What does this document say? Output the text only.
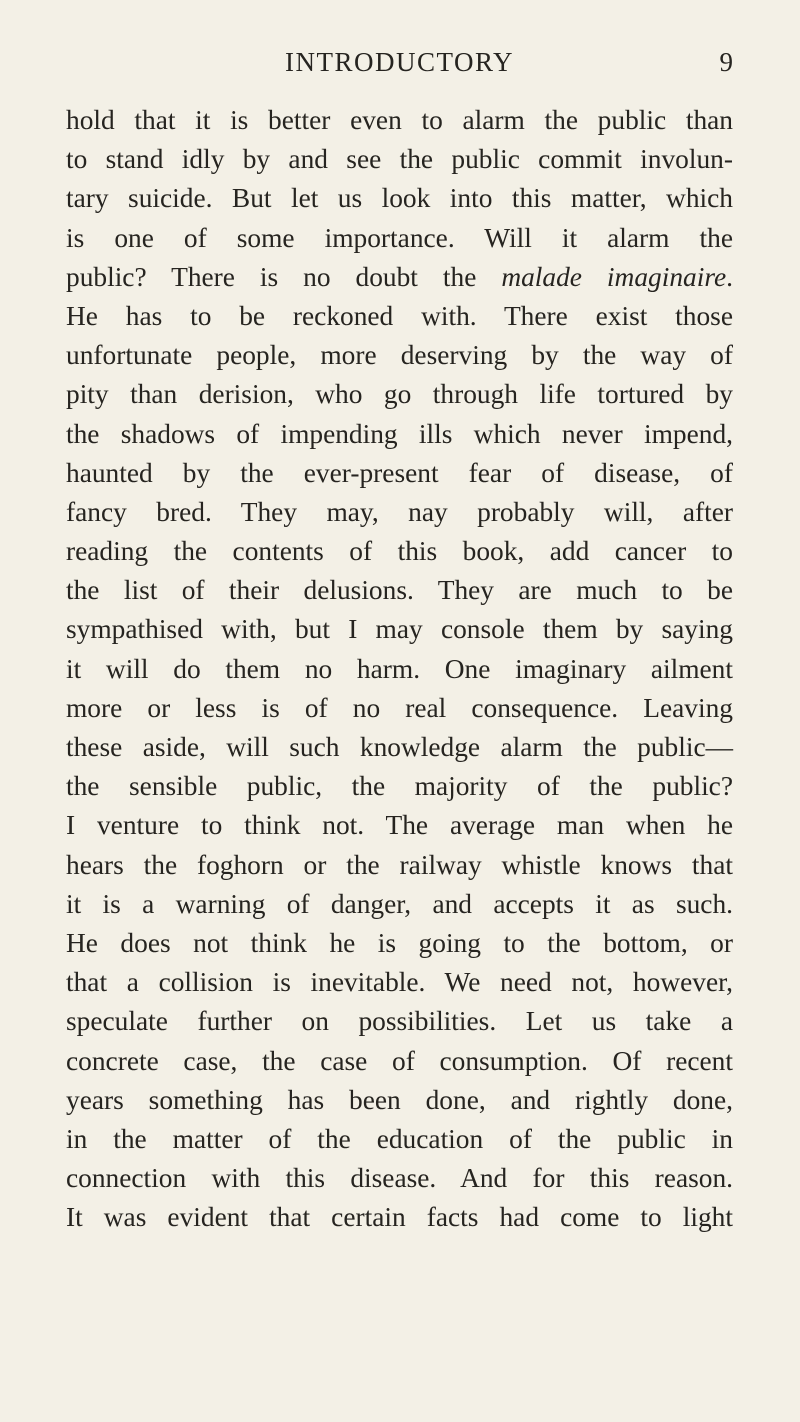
INTRODUCTORY	9
hold that it is better even to alarm the public than
to stand idly by and see the public commit involun-
tary suicide. But let us look into this matter, which
is one of some importance. Will it alarm the
public? There is no doubt the malade imaginaire.
He has to be reckoned with. There exist those
unfortunate people, more deserving by the way of
pity than derision, who go through life tortured by
the shadows of impending ills which never impend,
haunted by the ever-present fear of disease, of
fancy bred. They may, nay probably will, after
reading the contents of this book, add cancer to
the list of their delusions. They are much to be
sympathised with, but I may console them by saying
it will do them no harm. One imaginary ailment
more or less is of no real consequence. Leaving
these aside, will such knowledge alarm the public—
the sensible public, the majority of the public?
I venture to think not. The average man when he
hears the foghorn or the railway whistle knows that
it is a warning of danger, and accepts it as such.
He does not think he is going to the bottom, or
that a collision is inevitable. We need not, however,
speculate further on possibilities. Let us take a
concrete case, the case of consumption. Of recent
years something has been done, and rightly done,
in the matter of the education of the public in
connection with this disease. And for this reason.
It was evident that certain facts had come to light
